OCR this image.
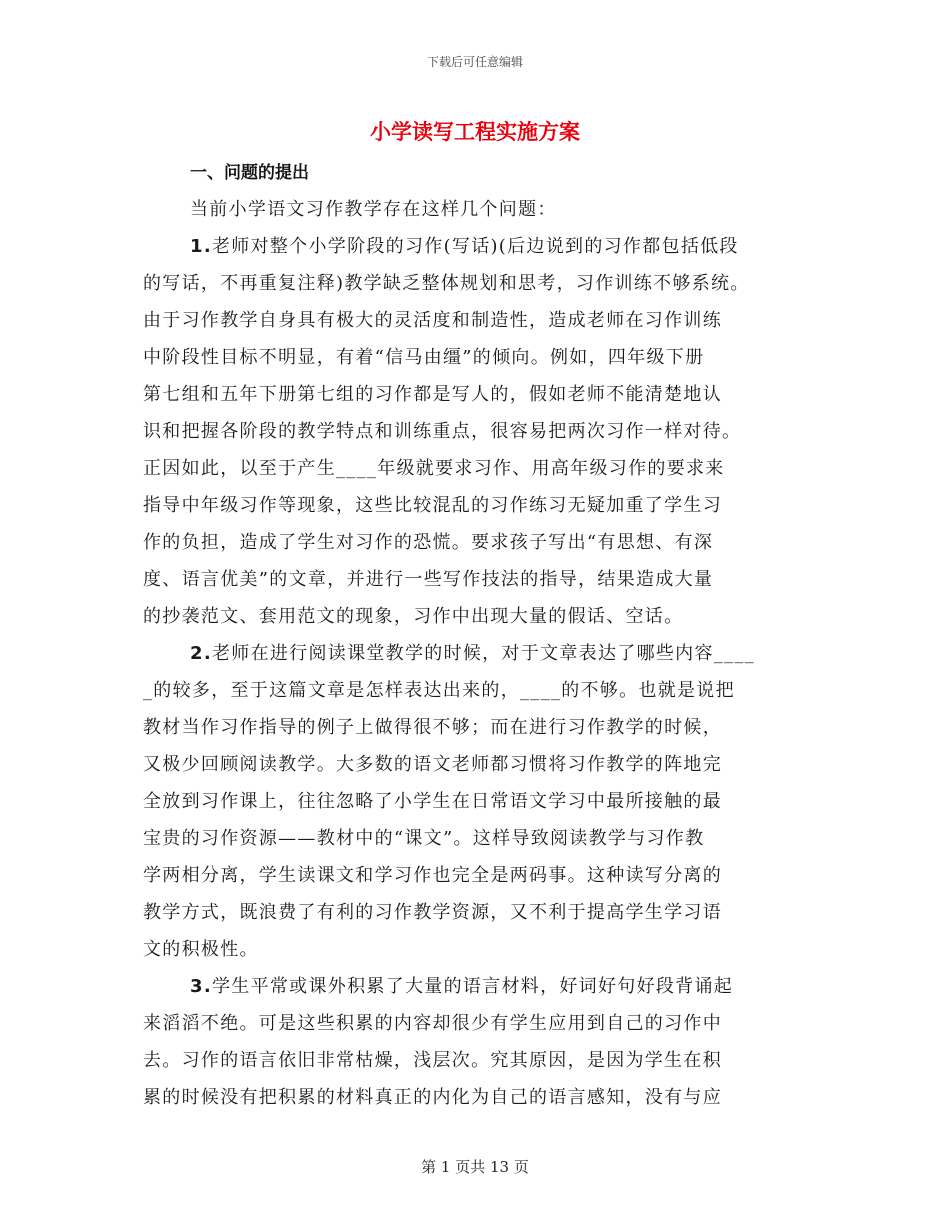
下载后可任意编辑
小学读写工程实施方案
一、问题的提出
当前小学语文习作教学存在这样几个问题：
1.老师对整个小学阶段的习作(写话)(后边说到的习作都包括低段
的写话，不再重复注释)教学缺乏整体规划和思考，习作训练不够系统。
由于习作教学自身具有极大的灵活度和制造性，造成老师在习作训练
中阶段性目标不明显，有着“信马由缰”的倾向。例如，四年级下册
第七组和五年下册第七组的习作都是写人的，假如老师不能清楚地认
识和把握各阶段的教学特点和训练重点，很容易把两次习作一样对待。
正因如此，以至于产生____年级就要求习作、用高年级习作的要求来
指导中年级习作等现象，这些比较混乱的习作练习无疑加重了学生习
作的负担，造成了学生对习作的恐慌。要求孩子写出“有思想、有深
度、语言优美”的文章，并进行一些写作技法的指导，结果造成大量
的抄袭范文、套用范文的现象，习作中出现大量的假话、空话。
2.老师在进行阅读课堂教学的时候，对于文章表达了哪些内容____
_的较多，至于这篇文章是怎样表达出来的，____的不够。也就是说把
教材当作习作指导的例子上做得很不够；而在进行习作教学的时候，
又极少回顾阅读教学。大多数的语文老师都习惯将习作教学的阵地完
全放到习作课上，往往忽略了小学生在日常语文学习中最所接触的最
宝贵的习作资源——教材中的“课文”。这样导致阅读教学与习作教
学两相分离，学生读课文和学习作也完全是两码事。这种读写分离的
教学方式，既浪费了有利的习作教学资源，又不利于提高学生学习语
文的积极性。
3.学生平常或课外积累了大量的语言材料，好词好句好段背诵起
来滔滔不绝。可是这些积累的内容却很少有学生应用到自己的习作中
去。习作的语言依旧非常枯燥，浅层次。究其原因，是因为学生在积
累的时候没有把积累的材料真正的内化为自己的语言感知，没有与应
第 1 页共 13 页
